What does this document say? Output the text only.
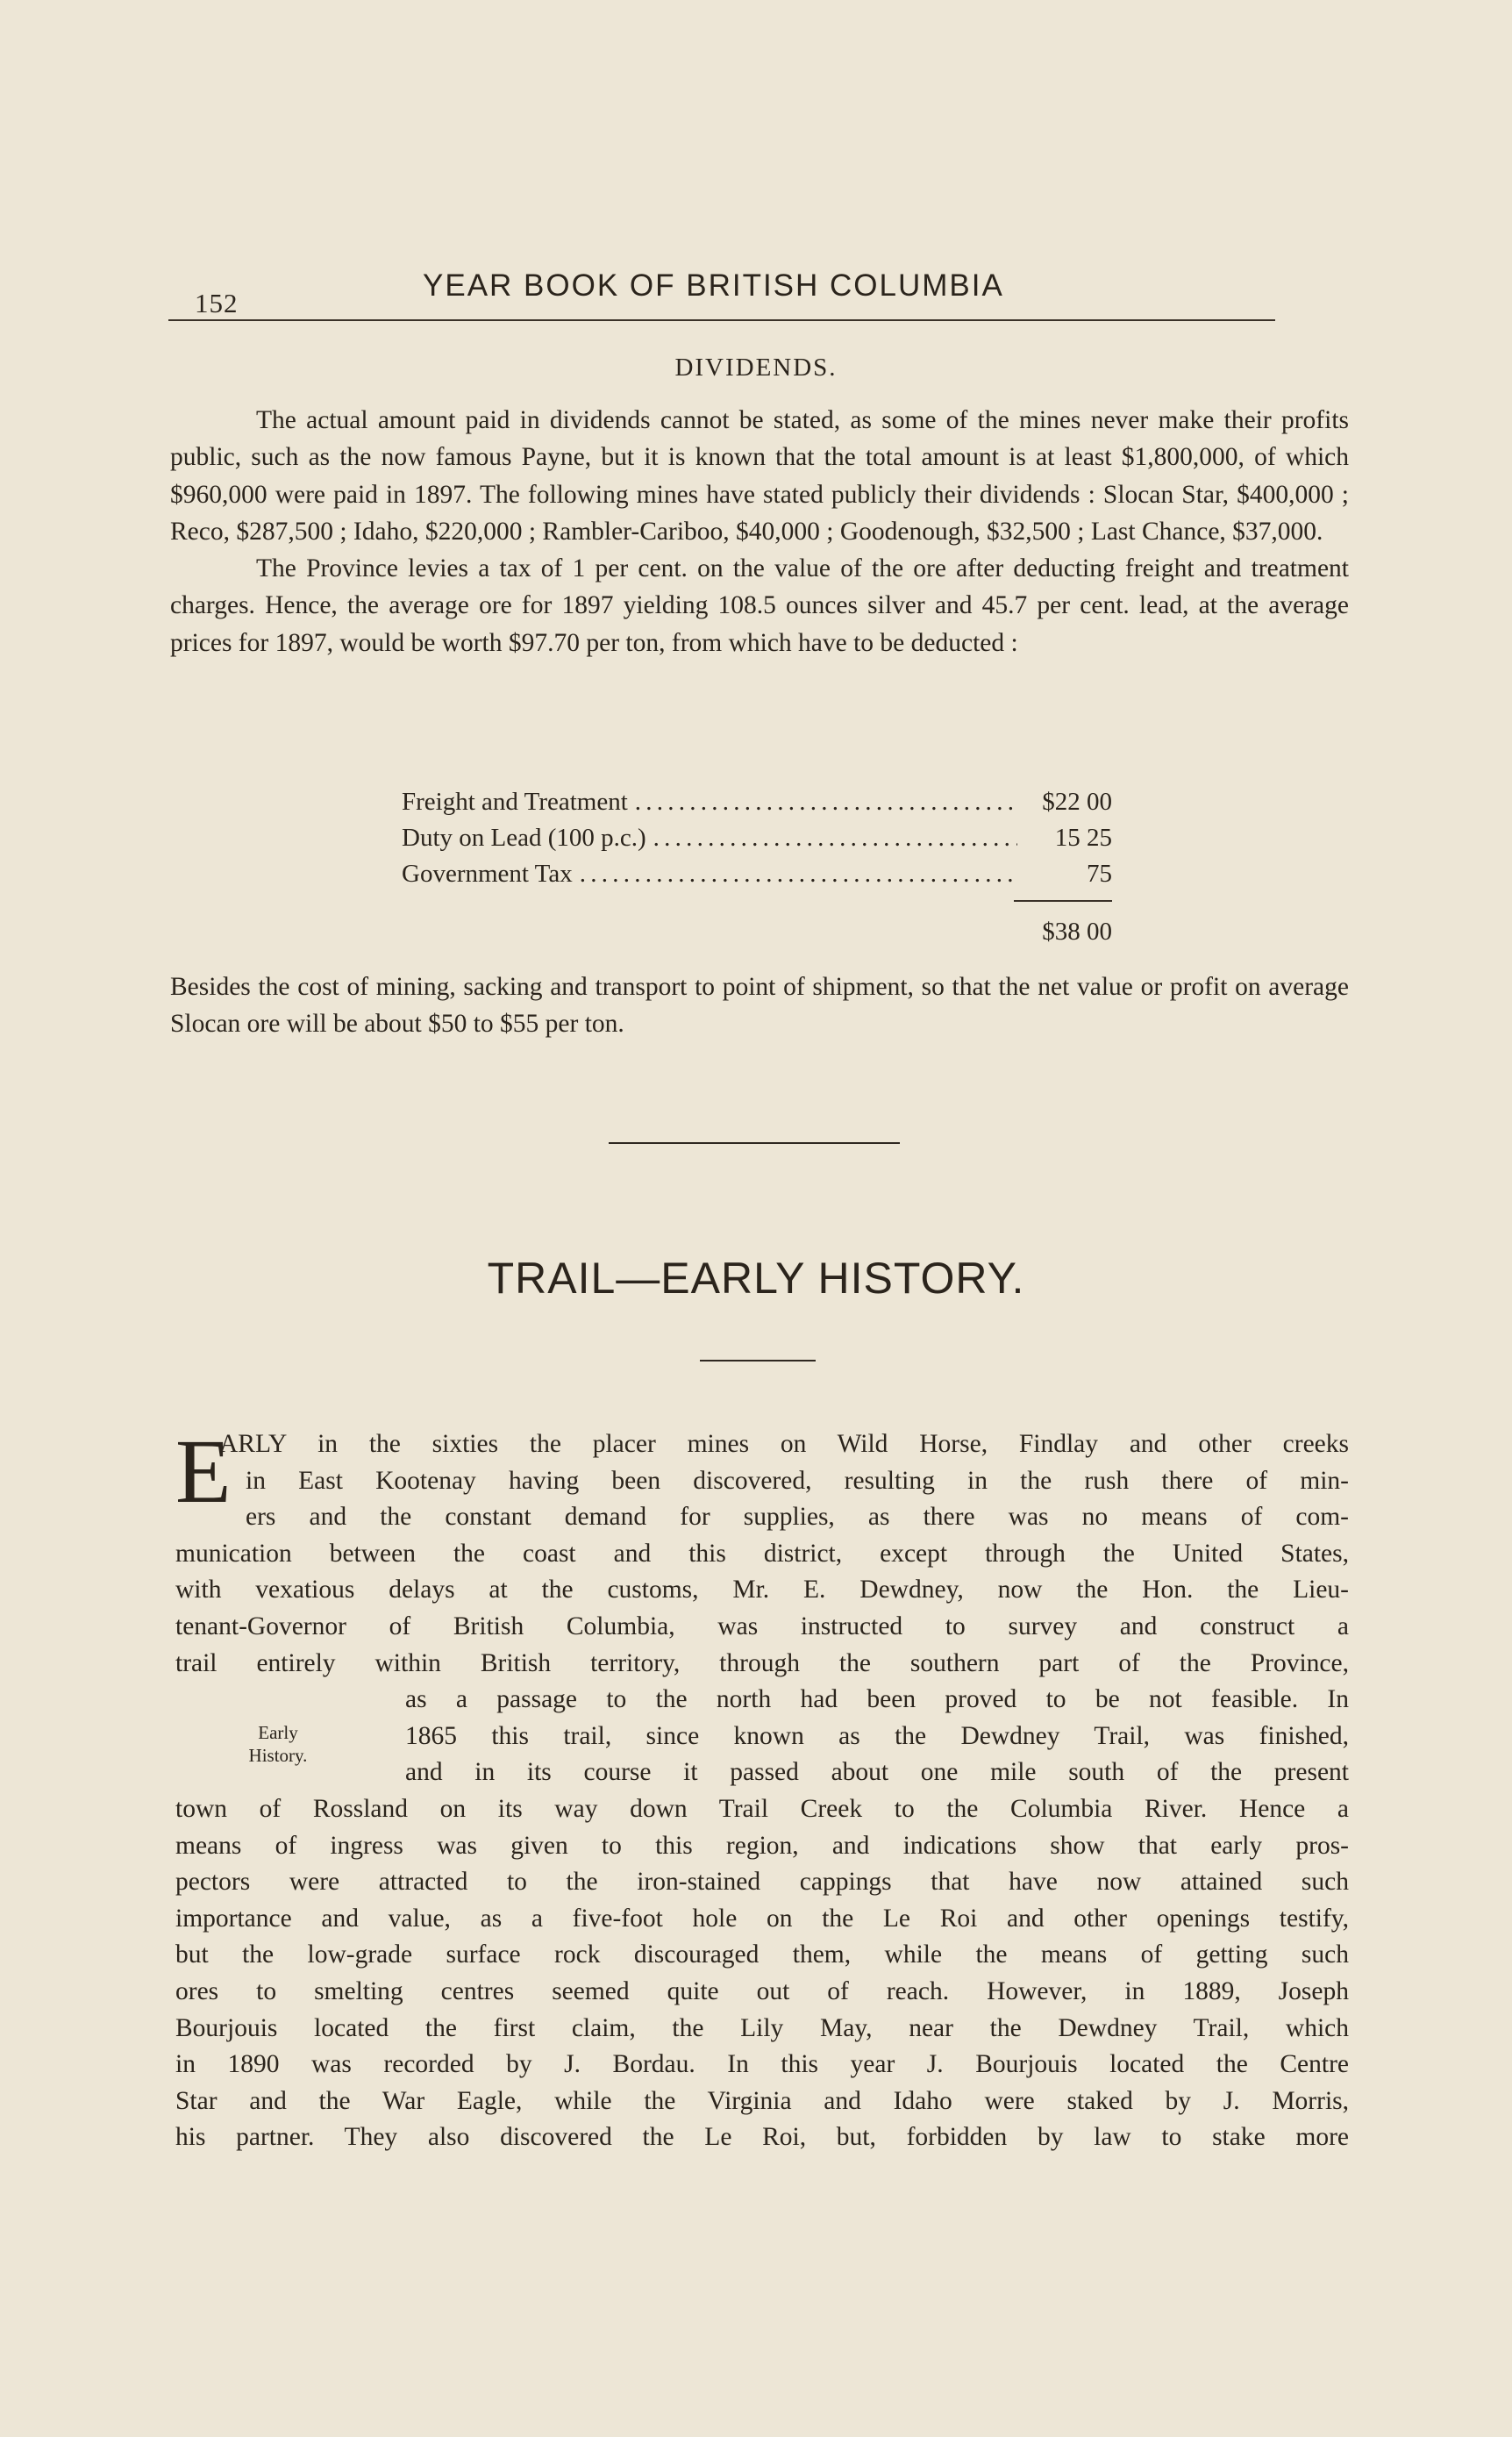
152
YEAR BOOK OF BRITISH COLUMBIA
DIVIDENDS.

The actual amount paid in dividends cannot be stated, as some of the mines never make their profits public, such as the now famous Payne, but it is known that the total amount is at least $1,800,000, of which $960,000 were paid in 1897. The following mines have stated publicly their dividends : Slocan Star, $400,000 ; Reco, $287,500 ; Idaho, $220,000 ; Rambler-Cariboo, $40,000 ; Goodenough, $32,500 ; Last Chance, $37,000.

The Province levies a tax of 1 per cent. on the value of the ore after deducting freight and treatment charges. Hence, the average ore for 1897 yielding 108.5 ounces silver and 45.7 per cent. lead, at the average prices for 1897, would be worth $97.70 per ton, from which have to be deducted :

Freight and Treatment . . .	$22 00
Duty on Lead (100 p.c.) . . .	15 25
Government Tax . . .	75
$38 00

Besides the cost of mining, sacking and transport to point of shipment, so that the net value or profit on average Slocan ore will be about $50 to $55 per ton.

TRAIL—EARLY HISTORY.
E
Early
History.
ARLY in the sixties the placer mines on Wild Horse, Findlay and other creeks
in East Kootenay having been discovered, resulting in the rush there of min-
ers and the constant demand for supplies, as there was no means of com-
munication between the coast and this district, except through the United States,
with vexatious delays at the customs, Mr. E. Dewdney, now the Hon. the Lieu-
tenant-Governor of British Columbia, was instructed to survey and construct a
trail entirely within British territory, through the southern part of the Province,
as a passage to the north had been proved to be not feasible. In
1865 this trail, since known as the Dewdney Trail, was finished,
and in its course it passed about one mile south of the present
town of Rossland on its way down Trail Creek to the Columbia River. Hence a
means of ingress was given to this region, and indications show that early pros-
pectors were attracted to the iron-stained cappings that have now attained such
importance and value, as a five-foot hole on the Le Roi and other openings testify,
but the low-grade surface rock discouraged them, while the means of getting such
ores to smelting centres seemed quite out of reach. However, in 1889, Joseph
Bourjouis located the first claim, the Lily May, near the Dewdney Trail, which
in 1890 was recorded by J. Bordau. In this year J. Bourjouis located the Centre
Star and the War Eagle, while the Virginia and Idaho were staked by J. Morris,
his partner. They also discovered the Le Roi, but, forbidden by law to stake more
